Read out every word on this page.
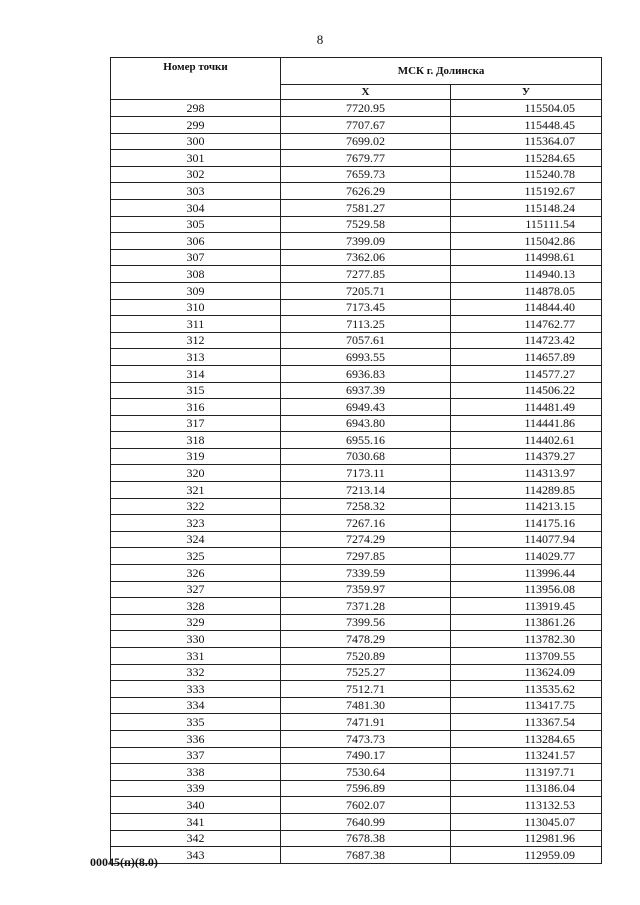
8
Номер точки	МСК г. Долинска	
	X	У
298	7720.95	115504.05
299	7707.67	115448.45
300	7699.02	115364.07
301	7679.77	115284.65
302	7659.73	115240.78
303	7626.29	115192.67
304	7581.27	115148.24
305	7529.58	115111.54
306	7399.09	115042.86
307	7362.06	114998.61
308	7277.85	114940.13
309	7205.71	114878.05
310	7173.45	114844.40
311	7113.25	114762.77
312	7057.61	114723.42
313	6993.55	114657.89
314	6936.83	114577.27
315	6937.39	114506.22
316	6949.43	114481.49
317	6943.80	114441.86
318	6955.16	114402.61
319	7030.68	114379.27
320	7173.11	114313.97
321	7213.14	114289.85
322	7258.32	114213.15
323	7267.16	114175.16
324	7274.29	114077.94
325	7297.85	114029.77
326	7339.59	113996.44
327	7359.97	113956.08
328	7371.28	113919.45
329	7399.56	113861.26
330	7478.29	113782.30
331	7520.89	113709.55
332	7525.27	113624.09
333	7512.71	113535.62
334	7481.30	113417.75
335	7471.91	113367.54
336	7473.73	113284.65
337	7490.17	113241.57
338	7530.64	113197.71
339	7596.89	113186.04
340	7602.07	113132.53
341	7640.99	113045.07
342	7678.38	112981.96
343	7687.38	112959.09
00045(п)(8.0)
